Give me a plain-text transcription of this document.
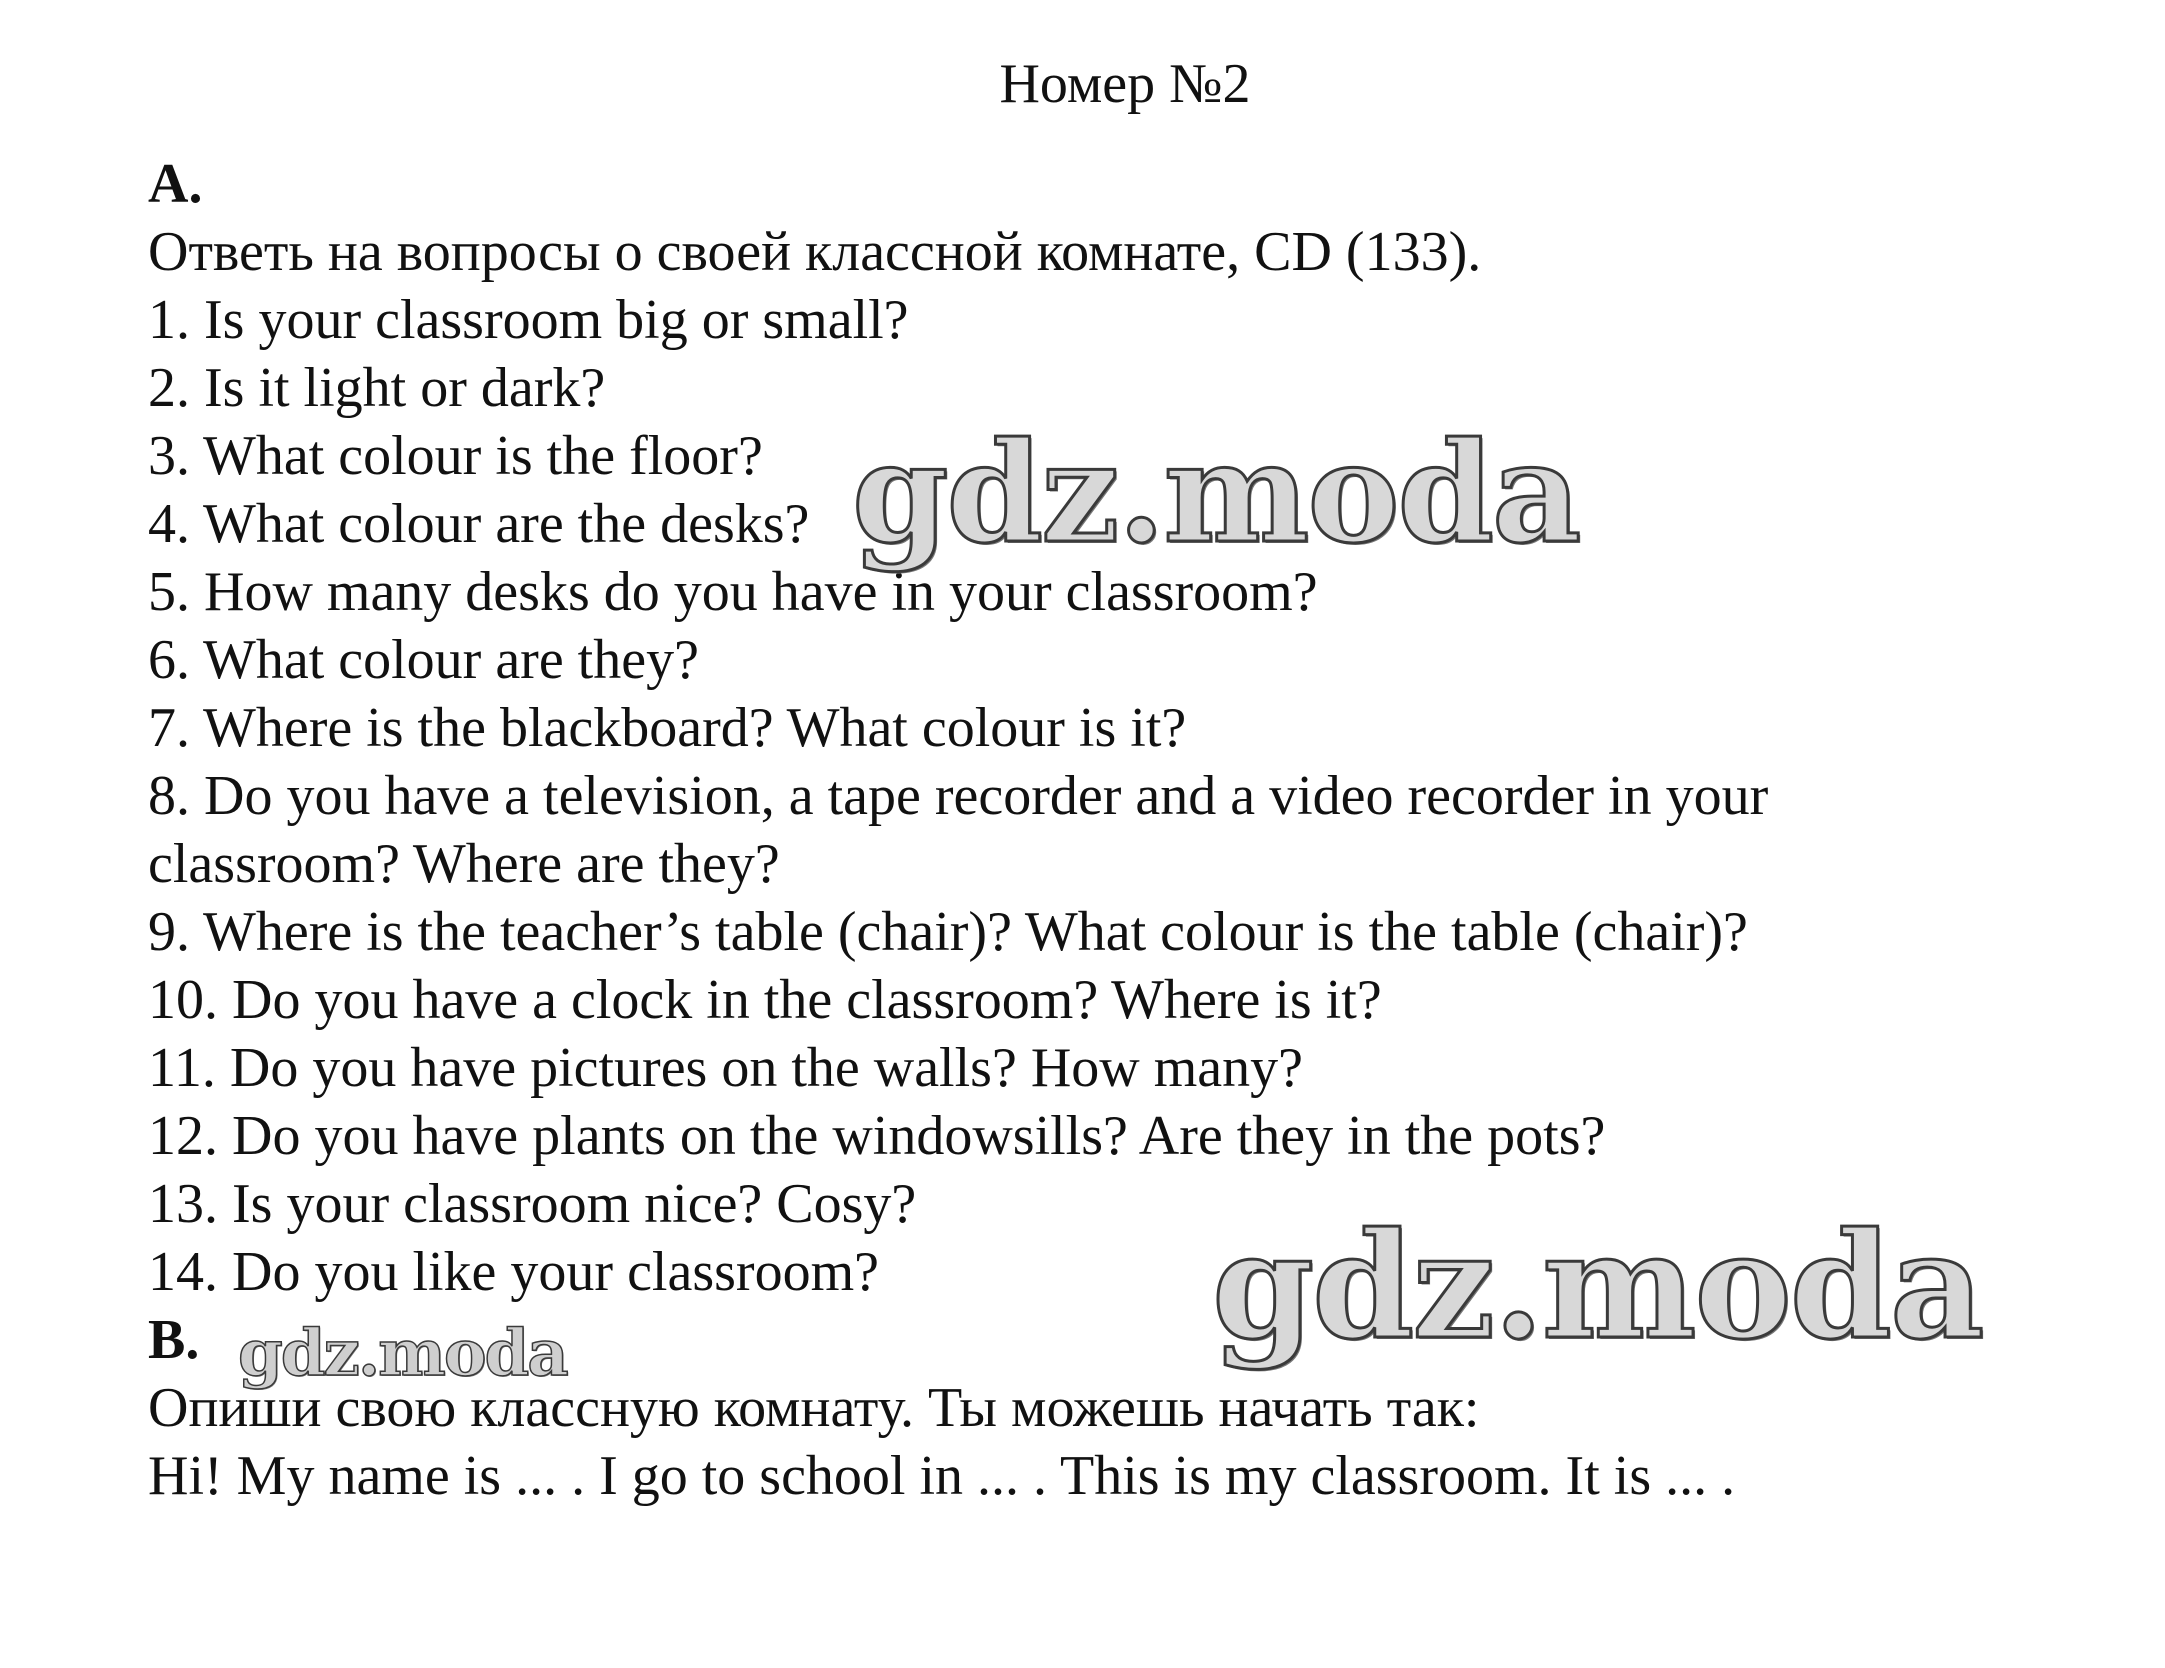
Номер №2
A.
Ответь на вопросы о своей классной комнате, CD (133).
1. Is your classroom big or small?
2. Is it light or dark?
3. What colour is the floor?
4. What colour are the desks?
5. How many desks do you have in your classroom?
6. What colour are they?
7. Where is the blackboard? What colour is it?
8. Do you have a television, a tape recorder and a video recorder in your
classroom? Where are they?
9. Where is the teacher’s table (chair)? What colour is the table (chair)?
10. Do you have a clock in the classroom? Where is it?
11. Do you have pictures on the walls? How many?
12. Do you have plants on the windowsills? Are they in the pots?
13. Is your classroom nice? Cosy?
14. Do you like your classroom?
B.
Опиши свою классную комнату. Ты можешь начать так:
Hi! My name is ... . I go to school in ... . This is my classroom. It is ... .
gdz.moda
gdz.moda
gdz.moda
